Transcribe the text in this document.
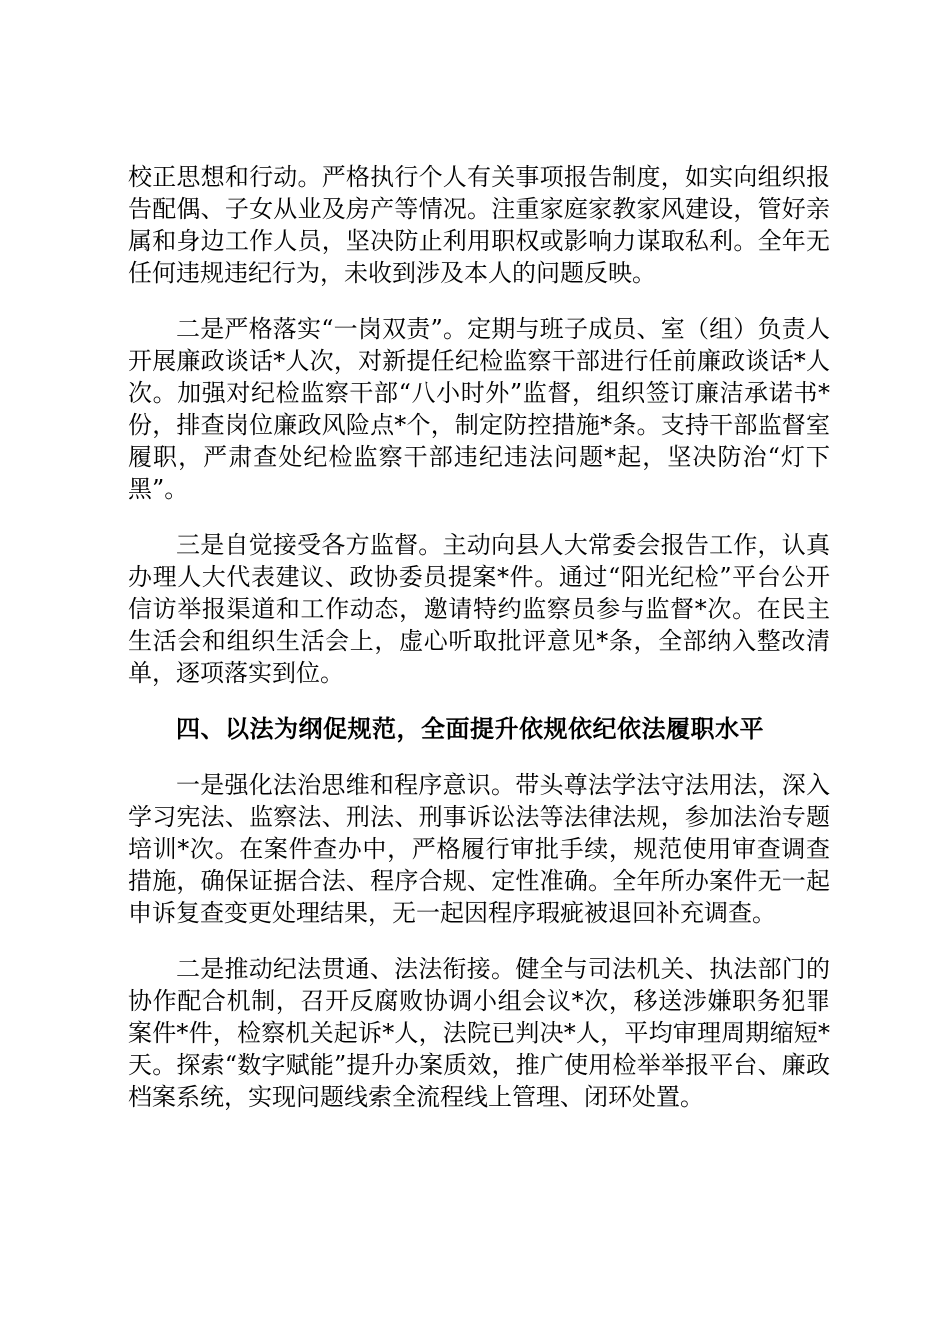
校正思想和行动。严格执行个人有关事项报告制度，如实向组织报告配偶、子女从业及房产等情况。注重家庭家教家风建设，管好亲属和身边工作人员，坚决防止利用职权或影响力谋取私利。全年无任何违规违纪行为，未收到涉及本人的问题反映。

二是严格落实“一岗双责”。定期与班子成员、室（组）负责人开展廉政谈话*人次，对新提任纪检监察干部进行任前廉政谈话*人次。加强对纪检监察干部“八小时外”监督，组织签订廉洁承诺书*份，排查岗位廉政风险点*个，制定防控措施*条。支持干部监督室履职，严肃查处纪检监察干部违纪违法问题*起，坚决防治“灯下黑”。

三是自觉接受各方监督。主动向县人大常委会报告工作，认真办理人大代表建议、政协委员提案*件。通过“阳光纪检”平台公开信访举报渠道和工作动态，邀请特约监察员参与监督*次。在民主生活会和组织生活会上，虚心听取批评意见*条，全部纳入整改清单，逐项落实到位。

四、以法为纲促规范，全面提升依规依纪依法履职水平

一是强化法治思维和程序意识。带头尊法学法守法用法，深入学习宪法、监察法、刑法、刑事诉讼法等法律法规，参加法治专题培训*次。在案件查办中，严格履行审批手续，规范使用审查调查措施，确保证据合法、程序合规、定性准确。全年所办案件无一起申诉复查变更处理结果，无一起因程序瑕疵被退回补充调查。

二是推动纪法贯通、法法衔接。健全与司法机关、执法部门的协作配合机制，召开反腐败协调小组会议*次，移送涉嫌职务犯罪案件*件，检察机关起诉*人，法院已判决*人，平均审理周期缩短*天。探索“数字赋能”提升办案质效，推广使用检举举报平台、廉政档案系统，实现问题线索全流程线上管理、闭环处置。
